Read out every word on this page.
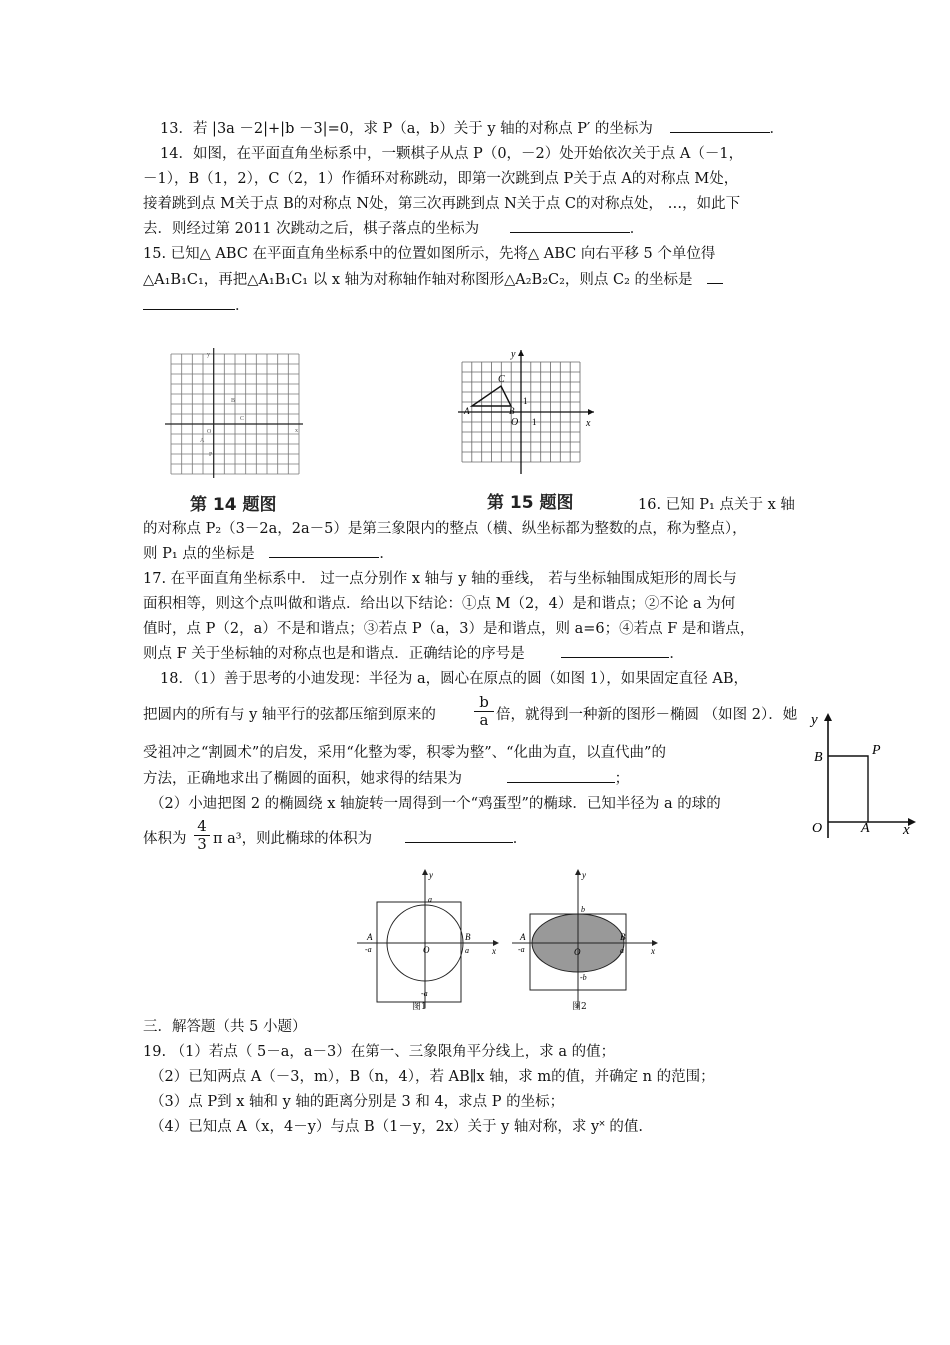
13．若 |3a －2|+|b －3|=0，求 P（a，b）关于 y 轴的对称点 P′ 的坐标为	．
14．如图，在平面直角坐标系中，一颗棋子从点 P（0，－2）处开始依次关于点 A（－1，
－1），B（1，2），C（2，1）作循环对称跳动，即第一次跳到点 P关于点 A的对称点 M处，
接着跳到点 M关于点 B的对称点 N处，第三次再跳到点 N关于点 C的对称点处， …，如此下
去．则经过第 2011 次跳动之后，棋子落点的坐标为	．
15. 已知△ ABC 在平面直角坐标系中的位置如图所示，先将△ ABC 向右平移 5 个单位得
△A₁B₁C₁，再把△A₁B₁C₁ 以 x 轴为对称轴作轴对称图形△A₂B₂C₂，则点 C₂ 的坐标是
．
y
x
B
C
O
A
P
第 14 题图
C
A	B
O 1
1
x
y
第 15 题图	16. 已知 P₁ 点关于 x 轴
的对称点 P₂（3－2a，2a－5）是第三象限内的整点（横、纵坐标都为整数的点，称为整点），
则 P₁ 点的坐标是	．
17. 在平面直角坐标系中． 过一点分别作 x 轴与 y 轴的垂线， 若与坐标轴围成矩形的周长与
面积相等，则这个点叫做和谐点．给出以下结论：①点 M（2，4）是和谐点；②不论 a 为何
值时，点 P（2，a）不是和谐点；③若点 P（a，3）是和谐点，则 a=6；④若点 F 是和谐点，
则点 F 关于坐标轴的对称点也是和谐点．正确结论的序号是	．
18．（1）善于思考的小迪发现：半径为 a，圆心在原点的圆（如图 1），如果固定直径 AB，
把圆内的所有与 y 轴平行的弦都压缩到原来的	$\frac{b}{a}$ 倍，就得到一种新的图形－椭圆 （如图 2）．她
受祖冲之“割圆术”的启发，采用“化整为零，积零为整”、“化曲为直，以直代曲”的
方法，正确地求出了椭圆的面积，她求得的结果为	；
（2）小迪把图 2 的椭圆绕 x 轴旋转一周得到一个“鸡蛋型”的椭球．已知半径为 a 的球的
体积为 $\frac{4}{3}$ π a³，则此椭球的体积为	．
y
x
B	P
O	A
y
x
a
-a
A
-a
B
a
O
图1
y
x
b
-b
A
-a
B
a
O
图2
三．解答题（共 5 小题）
19. （1）若点（ 5－a，a－3）在第一、三象限角平分线上，求 a 的值；
（2）已知两点 A（－3，m），B（n，4），若 AB∥x 轴，求 m的值，并确定 n 的范围；
（3）点 P到 x 轴和 y 轴的距离分别是 3 和 4，求点 P 的坐标；
（4）已知点 A（x，4－y）与点 B（1－y，2x）关于 y 轴对称，求 y˟ 的值.
